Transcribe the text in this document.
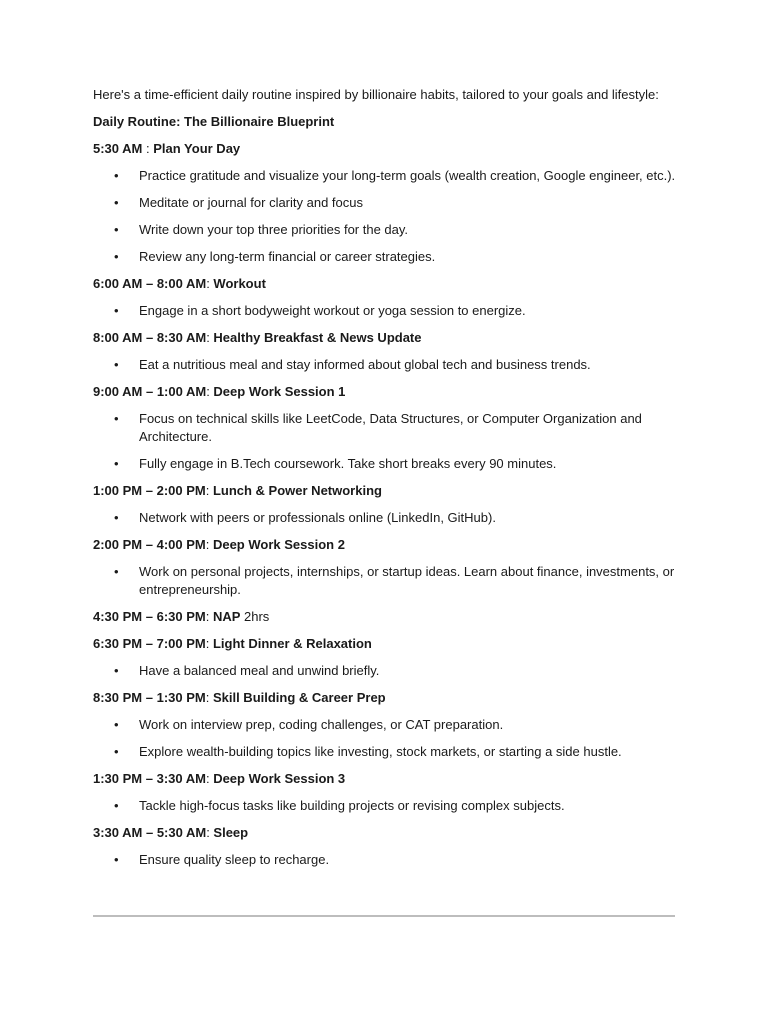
Here's a time-efficient daily routine inspired by billionaire habits, tailored to your goals and lifestyle:
Daily Routine: The Billionaire Blueprint
5:30 AM : Plan Your Day
•	Practice gratitude and visualize your long-term goals (wealth creation, Google engineer, etc.).
•	Meditate or journal for clarity and focus
•	Write down your top three priorities for the day.
•	Review any long-term financial or career strategies.
6:00 AM – 8:00 AM: Workout
•	Engage in a short bodyweight workout or yoga session to energize.
8:00 AM – 8:30 AM: Healthy Breakfast & News Update
•	Eat a nutritious meal and stay informed about global tech and business trends.
9:00 AM – 1:00 AM: Deep Work Session 1
•	Focus on technical skills like LeetCode, Data Structures, or Computer Organization and Architecture.
•	Fully engage in B.Tech coursework. Take short breaks every 90 minutes.
1:00 PM – 2:00 PM: Lunch & Power Networking
•	Network with peers or professionals online (LinkedIn, GitHub).
2:00 PM – 4:00 PM: Deep Work Session 2
•	Work on personal projects, internships, or startup ideas. Learn about finance, investments, or entrepreneurship.
4:30 PM – 6:30 PM: NAP 2hrs
6:30 PM – 7:00 PM: Light Dinner & Relaxation
•	Have a balanced meal and unwind briefly.
8:30 PM – 1:30 PM: Skill Building & Career Prep
•	Work on interview prep, coding challenges, or CAT preparation.
•	Explore wealth-building topics like investing, stock markets, or starting a side hustle.
1:30 PM – 3:30 AM: Deep Work Session 3
•	Tackle high-focus tasks like building projects or revising complex subjects.
3:30 AM – 5:30 AM: Sleep
•	Ensure quality sleep to recharge.
